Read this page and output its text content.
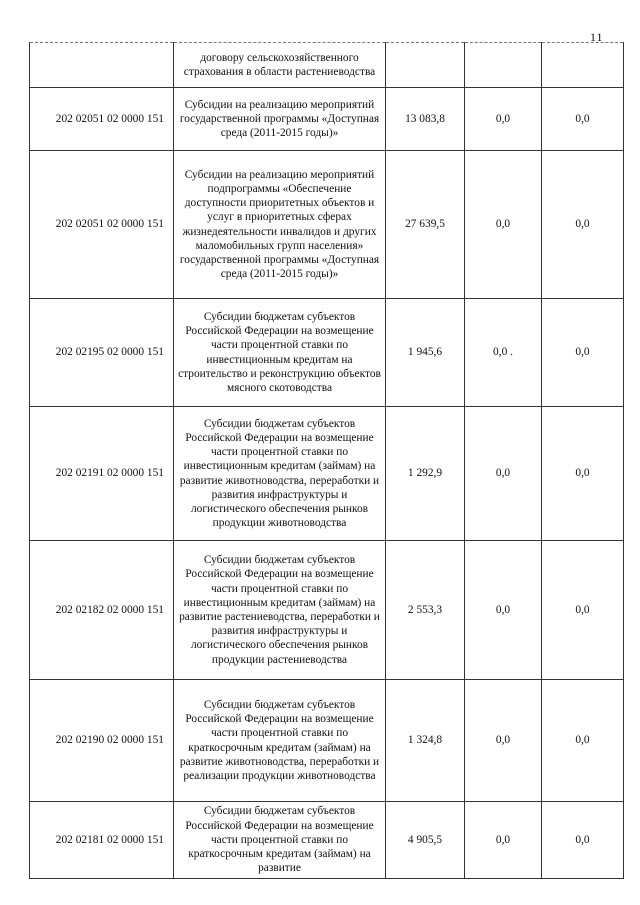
11
	договору сельскохозяйственного страхования в области растениеводства			
202 02051 02 0000 151	Субсидии на реализацию мероприятий государственной программы «Доступная среда (2011-2015 годы)»	13 083,8	0,0	0,0
202 02051 02 0000 151	Субсидии на реализацию мероприятий подпрограммы «Обеспечение доступности приоритетных объектов и услуг в приоритетных сферах жизнедеятельности инвалидов и других маломобильных групп населения» государственной программы «Доступная среда (2011-2015 годы)»	27 639,5	0,0	0,0
202 02195 02 0000 151	Субсидии бюджетам субъектов Российской Федерации на возмещение части процентной ставки по инвестиционным кредитам на строительство и реконструкцию объектов мясного скотоводства	1 945,6	0,0 .	0,0
202 02191 02 0000 151	Субсидии бюджетам субъектов Российской Федерации на возмещение части процентной ставки по инвестиционным кредитам (займам) на развитие животноводства, переработки и развития инфраструктуры и логистического обеспечения рынков продукции животноводства	1 292,9	0,0	0,0
202 02182 02 0000 151	Субсидии бюджетам субъектов Российской Федерации на возмещение части процентной ставки по инвестиционным кредитам (займам) на развитие растениеводства, переработки и развития инфраструктуры и логистического обеспечения рынков продукции растениеводства	2 553,3	0,0	0,0
202 02190 02 0000 151	Субсидии бюджетам субъектов Российской Федерации на возмещение части процентной ставки по краткосрочным кредитам (займам) на развитие животноводства, переработки и реализации продукции животноводства	1 324,8	0,0	0,0
202 02181 02 0000 151	Субсидии бюджетам субъектов Российской Федерации на возмещение части процентной ставки по краткосрочным кредитам (займам) на развитие	4 905,5	0,0	0,0
